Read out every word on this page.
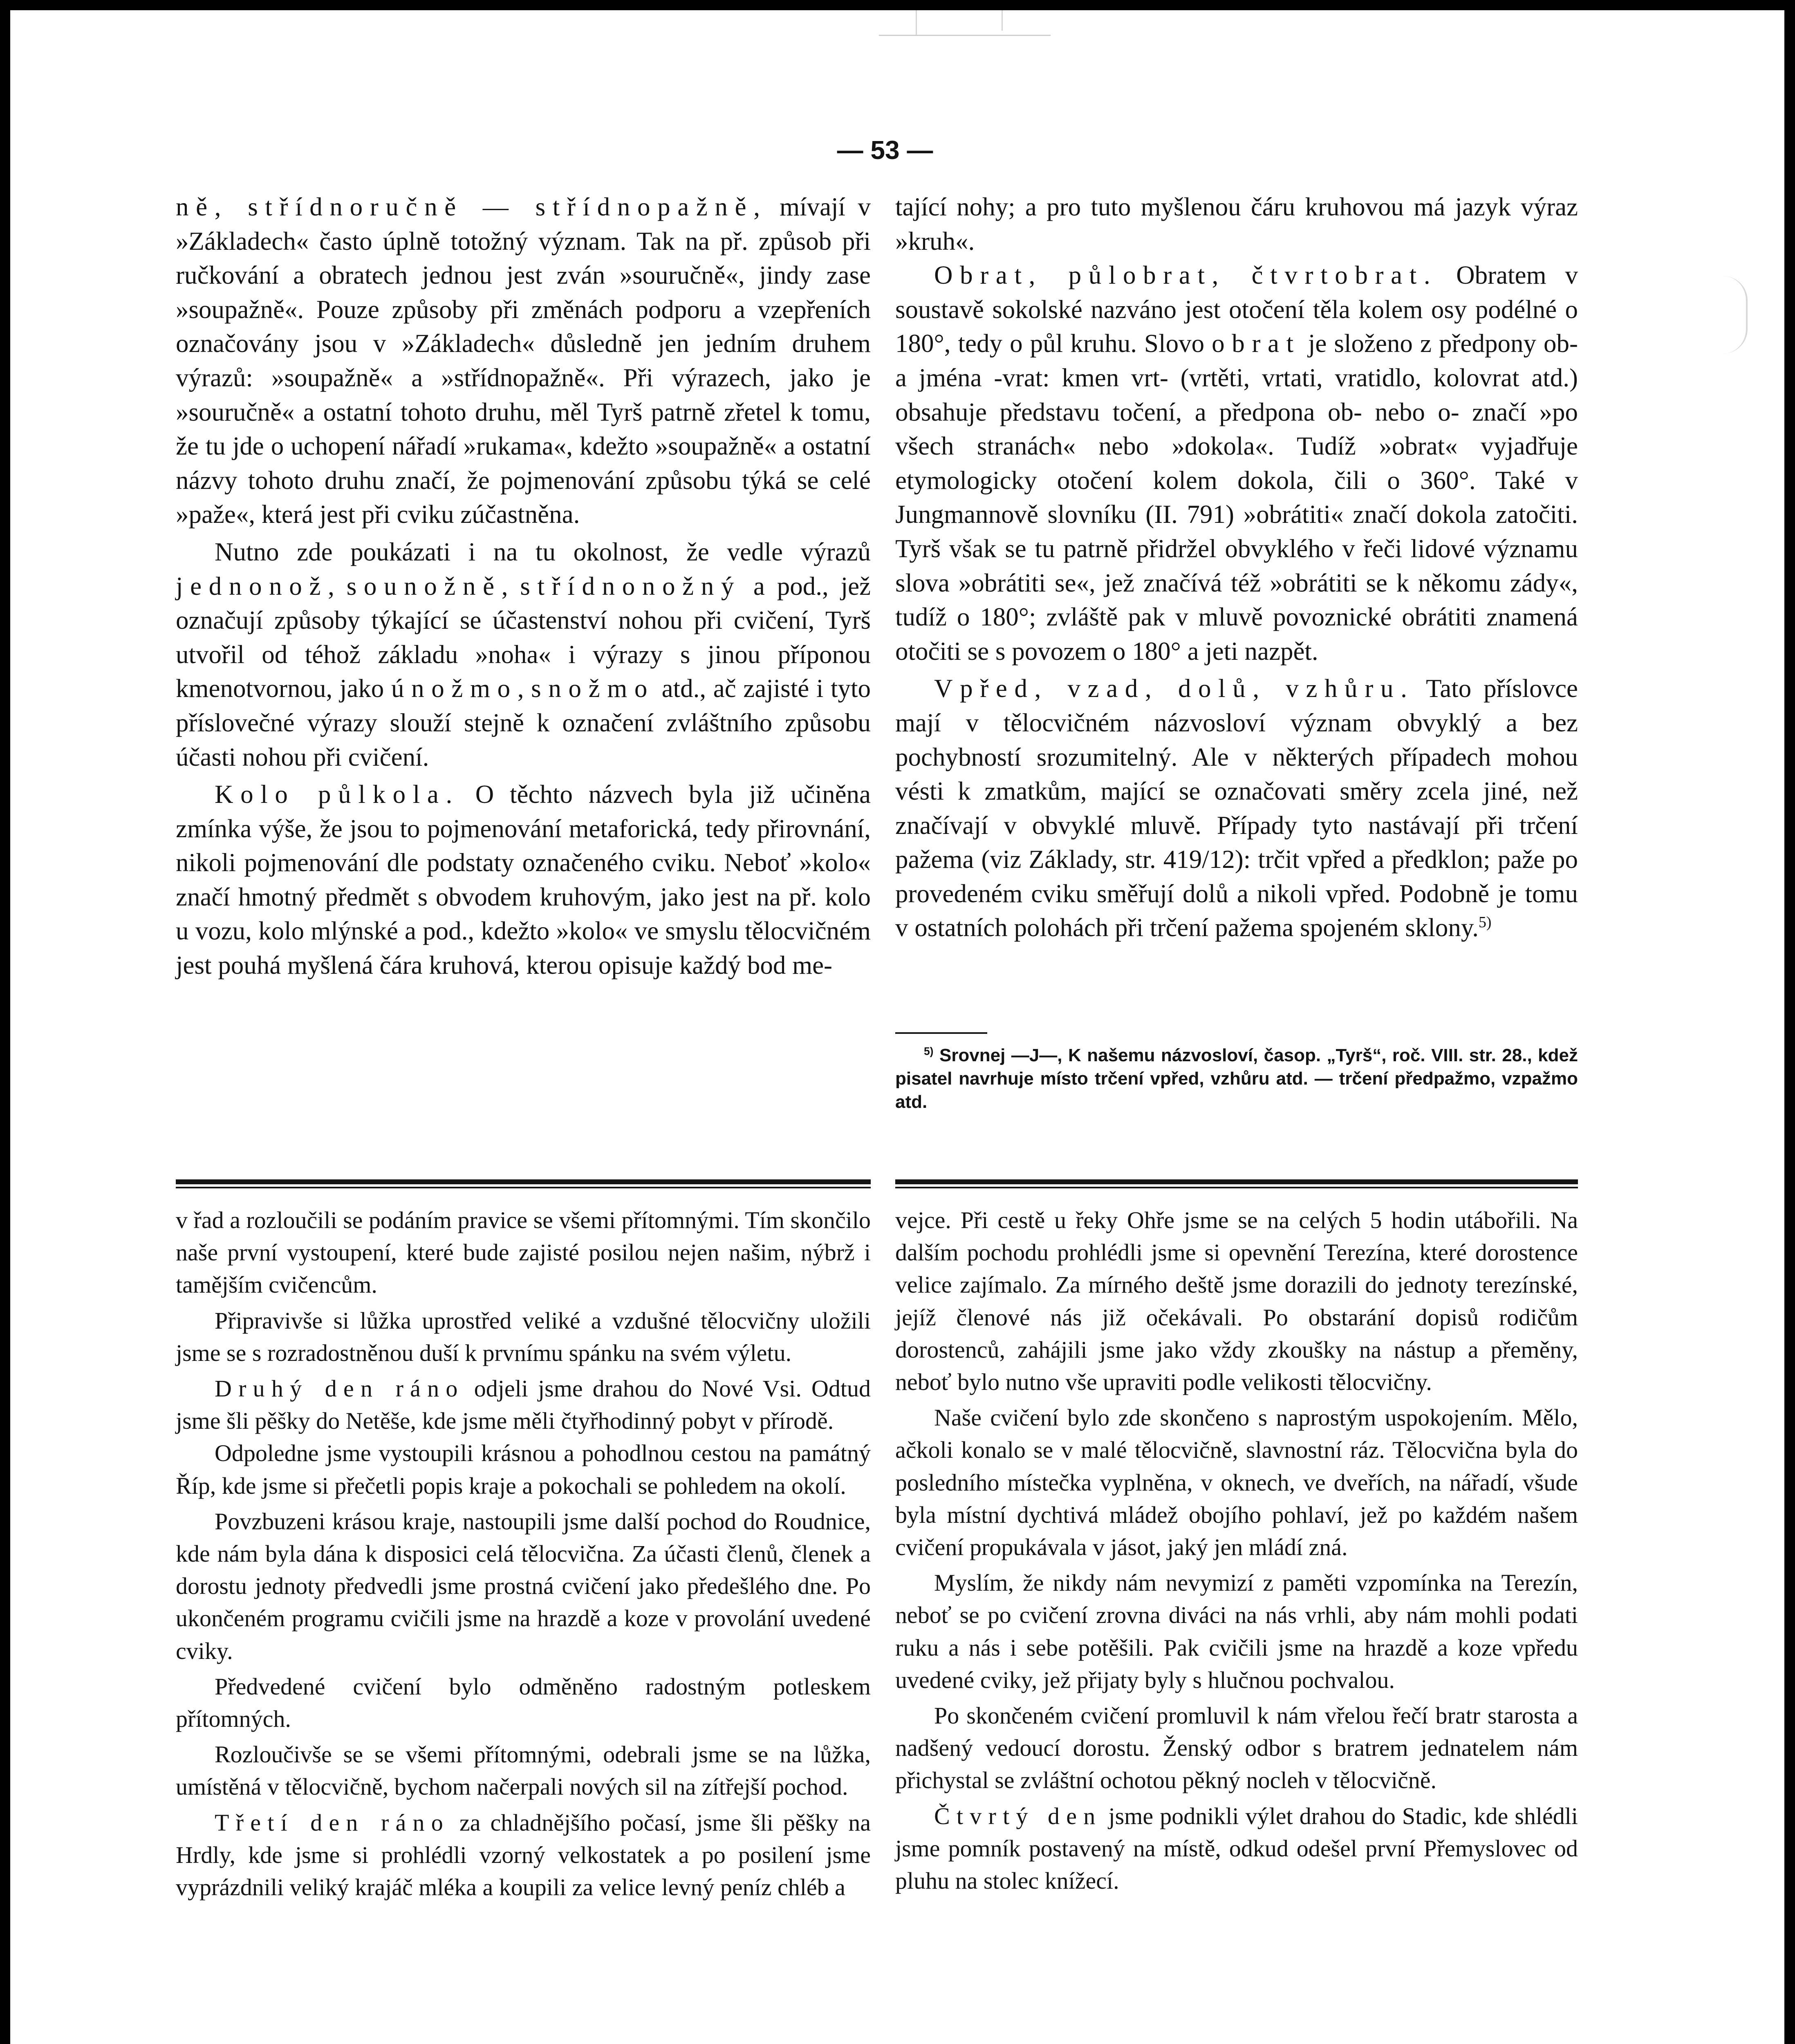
— 53 —

ně, střídnoručně — střídnopažně, mívají v »Základech« často úplně totožný význam. Tak na př. způsob při ručkování a obratech jednou jest zván »souručně«, jindy zase »soupažně«. Pouze způsoby při změnách podporu a vzepřeních označovány jsou v »Základech« důsledně jen jedním druhem výrazů: »soupažně« a »střídnopažně«. Při výrazech, jako je »souručně« a ostatní tohoto druhu, měl Tyrš patrně zřetel k tomu, že tu jde o uchopení nářadí »rukama«, kdežto »soupažně« a ostatní názvy tohoto druhu značí, že pojmenování způsobu týká se celé »paže«, která jest při cviku zúčastněna.

Nutno zde poukázati i na tu okolnost, že vedle výrazů jednonož, sounožně, střídnonožný a pod., jež označují způsoby týkající se účastenství nohou při cvičení, Tyrš utvořil od téhož základu »noha« i výrazy s jinou příponou kmenotvornou, jako únožmo, snožmo atd., ač zajisté i tyto příslovečné výrazy slouží stejně k označení zvláštního způsobu účasti nohou při cvičení.

Kolo půlkola. O těchto názvech byla již učiněna zmínka výše, že jsou to pojmenování metaforická, tedy přirovnání, nikoli pojmenování dle podstaty označeného cviku. Neboť »kolo« značí hmotný předmět s obvodem kruhovým, jako jest na př. kolo u vozu, kolo mlýnské a pod., kdežto »kolo« ve smyslu tělocvičném jest pouhá myšlená čára kruhová, kterou opisuje každý bod me-

tající nohy; a pro tuto myšlenou čáru kruhovou má jazyk výraz »kruh«.

Obrat, půlobrat, čtvrtobrat. Obratem v soustavě sokolské nazváno jest otočení těla kolem osy podélné o 180°, tedy o půl kruhu. Slovo obrat je složeno z předpony ob- a jména -vrat: kmen vrt- (vrtěti, vrtati, vratidlo, kolovrat atd.) obsahuje představu točení, a předpona ob- nebo o- značí »po všech stranách« nebo »dokola«. Tudíž »obrat« vyjadřuje etymologicky otočení kolem dokola, čili o 360°. Také v Jungmannově slovníku (II. 791) »obrátiti« značí dokola zatočiti. Tyrš však se tu patrně přidržel obvyklého v řeči lidové významu slova »obrátiti se«, jež značívá též »obrátiti se k někomu zády«, tudíž o 180°; zvláště pak v mluvě povoznické obrátiti znamená otočiti se s povozem o 180° a jeti nazpět.

Vpřed, vzad, dolů, vzhůru. Tato příslovce mají v tělocvičném názvosloví význam obvyklý a bez pochybností srozumitelný. Ale v některých případech mohou vésti k zmatkům, mající se označovati směry zcela jiné, než značívají v obvyklé mluvě. Případy tyto nastávají při trčení pažema (viz Základy, str. 419/12): trčit vpřed a předklon; paže po provedeném cviku směřují dolů a nikoli vpřed. Podobně je tomu v ostatních polohách při trčení pažema spojeném sklony.$^{5)}$

$^{5)}$ Srovnej —J—, K našemu názvosloví, časop. „Tyrš“, roč. VIII. str. 28., kdež pisatel navrhuje místo trčení vpřed, vzhůru atd. — trčení předpažmo, vzpažmo atd.

v řad a rozloučili se podáním pravice se všemi přítomnými. Tím skončilo naše první vystoupení, které bude zajisté posilou nejen našim, nýbrž i tamějším cvičencům.

Připravivše si lůžka uprostřed veliké a vzdušné tělocvičny uložili jsme se s rozradostněnou duší k prvnímu spánku na svém výletu.

Druhý den ráno odjeli jsme drahou do Nové Vsi. Odtud jsme šli pěšky do Netěše, kde jsme měli čtyřhodinný pobyt v přírodě.

Odpoledne jsme vystoupili krásnou a pohodlnou cestou na památný Říp, kde jsme si přečetli popis kraje a pokochali se pohledem na okolí.

Povzbuzeni krásou kraje, nastoupili jsme další pochod do Roudnice, kde nám byla dána k disposici celá tělocvična. Za účasti členů, členek a dorostu jednoty předvedli jsme prostná cvičení jako předešlého dne. Po ukončeném programu cvičili jsme na hrazdě a koze v provolání uvedené cviky.

Předvedené cvičení bylo odměněno radostným potleskem přítomných.

Rozloučivše se se všemi přítomnými, odebrali jsme se na lůžka, umístěná v tělocvičně, bychom načerpali nových sil na zítřejší pochod.

Třetí den ráno za chladnějšího počasí, jsme šli pěšky na Hrdly, kde jsme si prohlédli vzorný velkostatek a po posilení jsme vyprázdnili veliký krajáč mléka a koupili za velice levný peníz chléb a

vejce. Při cestě u řeky Ohře jsme se na celých 5 hodin utábořili. Na dalším pochodu prohlédli jsme si opevnění Terezína, které dorostence velice zajímalo. Za mírného deště jsme dorazili do jednoty terezínské, jejíž členové nás již očekávali. Po obstarání dopisů rodičům dorostenců, zahájili jsme jako vždy zkoušky na nástup a přeměny, neboť bylo nutno vše upraviti podle velikosti tělocvičny.

Naše cvičení bylo zde skončeno s naprostým uspokojením. Mělo, ačkoli konalo se v malé tělocvičně, slavnostní ráz. Tělocvična byla do posledního místečka vyplněna, v oknech, ve dveřích, na nářadí, všude byla místní dychtivá mládež obojího pohlaví, jež po každém našem cvičení propukávala v jásot, jaký jen mládí zná.

Myslím, že nikdy nám nevymizí z paměti vzpomínka na Terezín, neboť se po cvičení zrovna diváci na nás vrhli, aby nám mohli podati ruku a nás i sebe potěšili. Pak cvičili jsme na hrazdě a koze vpředu uvedené cviky, jež přijaty byly s hlučnou pochvalou.

Po skončeném cvičení promluvil k nám vřelou řečí bratr starosta a nadšený vedoucí dorostu. Ženský odbor s bratrem jednatelem nám přichystal se zvláštní ochotou pěkný nocleh v tělocvičně.

Čtvrtý den jsme podnikli výlet drahou do Stadic, kde shlédli jsme pomník postavený na místě, odkud odešel první Přemyslovec od pluhu na stolec knížecí.
